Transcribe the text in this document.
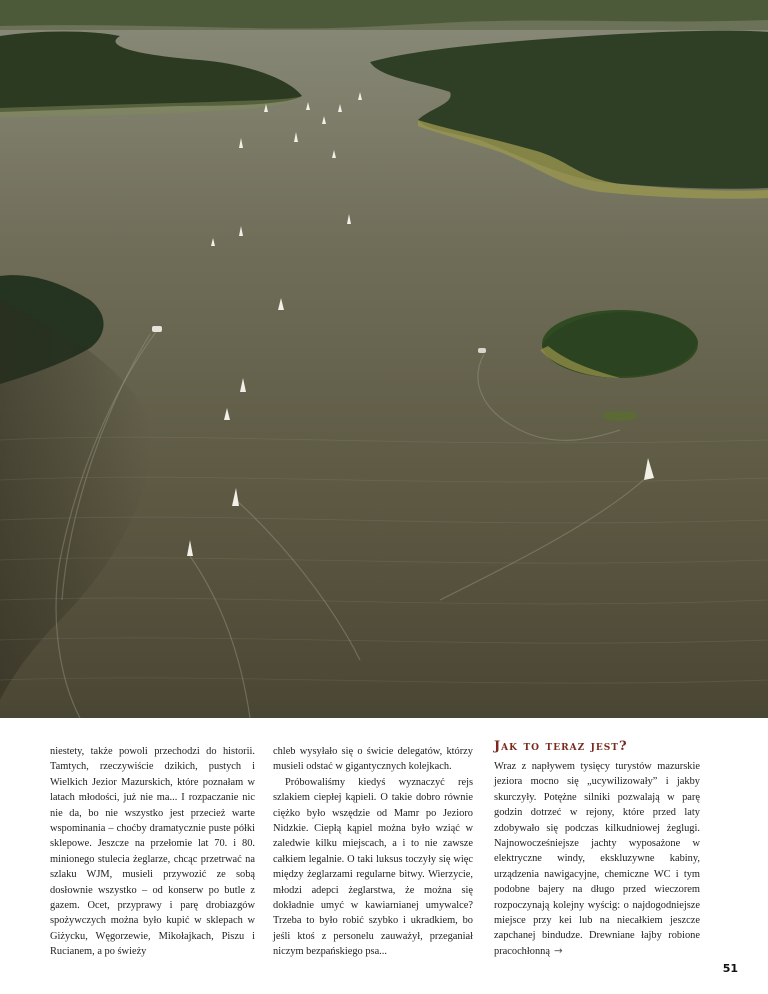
niestety, także powoli przechodzi do historii. Tamtych, rzeczywiście dzikich, pustych i Wielkich Jezior Mazurskich, które poznałam w latach młodości, już nie ma... I rozpaczanie nic nie da, bo nie wszystko jest przecież warte wspominania – choćby dramatycznie puste półki sklepowe. Jeszcze na przełomie lat 70. i 80. minionego stulecia żeglarze, chcąc przetrwać na szlaku WJM, musieli przywozić ze sobą dosłownie wszystko – od konserw po butle z gazem. Ocet, przyprawy i parę drobiazgów spożywczych można było kupić w sklepach w Giżycku, Węgorzewie, Mikołajkach, Piszu i Rucianem, a po świeży

chleb wysyłało się o świcie delegatów, którzy musieli odstać w gigantycznych kolejkach.

Próbowaliśmy kiedyś wyznaczyć rejs szlakiem ciepłej kąpieli. O takie dobro równie ciężko było wszędzie od Mamr po Jezioro Nidzkie. Ciepłą kąpiel można było wziąć w zaledwie kilku miejscach, a i to nie zawsze całkiem legalnie. O taki luksus toczyły się więc między żeglarzami regularne bitwy. Wierzycie, młodzi adepci żeglarstwa, że można się dokładnie umyć w kawiarnianej umywalce? Trzeba to było robić szybko i ukradkiem, bo jeśli ktoś z personelu zauważył, przeganiał niczym bezpańskiego psa...

Jak to teraz jest?

Wraz z napływem tysięcy turystów mazurskie jeziora mocno się „ucywilizowały” i jakby skurczyły. Potężne silniki pozwalają w parę godzin dotrzeć w rejony, które przed laty zdobywało się podczas kilkudniowej żeglugi. Najnowocześniejsze jachty wyposażone w elektryczne windy, ekskluzywne kabiny, urządzenia nawigacyjne, chemiczne WC i tym podobne bajery na długo przed wieczorem rozpoczynają kolejny wyścig: o najdogodniejsze miejsce przy kei lub na niecałkiem jeszcze zapchanej bindudze. Drewniane łajby robione pracochłonną →

51
